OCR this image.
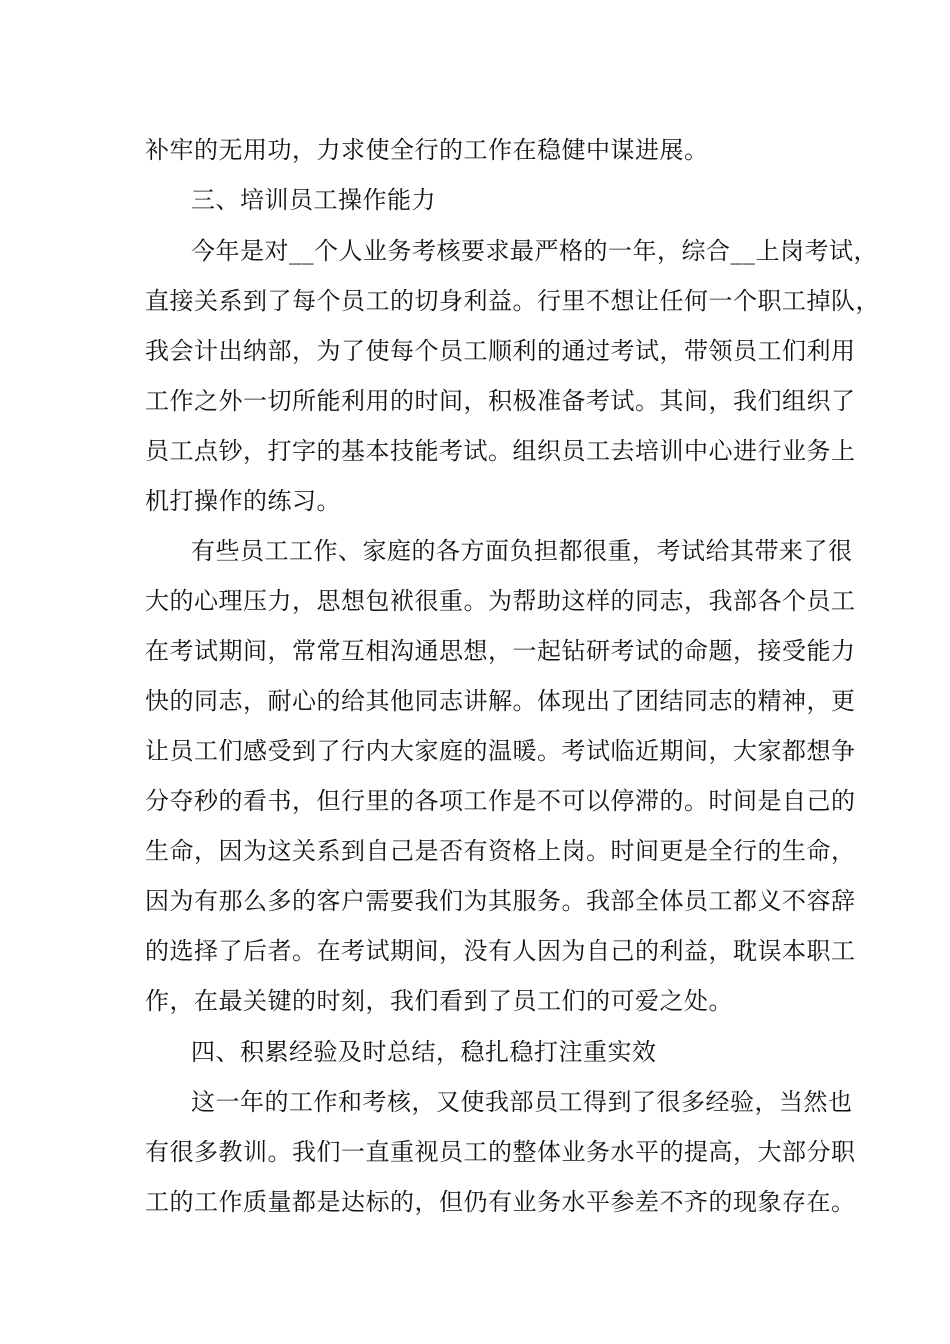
补牢的无用功，力求使全行的工作在稳健中谋进展。
三、培训员工操作能力
今年是对__个人业务考核要求最严格的一年，综合__上岗考试，
直接关系到了每个员工的切身利益。行里不想让任何一个职工掉队，
我会计出纳部，为了使每个员工顺利的通过考试，带领员工们利用
工作之外一切所能利用的时间，积极准备考试。其间，我们组织了
员工点钞，打字的基本技能考试。组织员工去培训中心进行业务上
机打操作的练习。
有些员工工作、家庭的各方面负担都很重，考试给其带来了很
大的心理压力，思想包袱很重。为帮助这样的同志，我部各个员工
在考试期间，常常互相沟通思想，一起钻研考试的命题，接受能力
快的同志，耐心的给其他同志讲解。体现出了团结同志的精神，更
让员工们感受到了行内大家庭的温暖。考试临近期间，大家都想争
分夺秒的看书，但行里的各项工作是不可以停滞的。时间是自己的
生命，因为这关系到自己是否有资格上岗。时间更是全行的生命，
因为有那么多的客户需要我们为其服务。我部全体员工都义不容辞
的选择了后者。在考试期间，没有人因为自己的利益，耽误本职工
作，在最关键的时刻，我们看到了员工们的可爱之处。
四、积累经验及时总结，稳扎稳打注重实效
这一年的工作和考核，又使我部员工得到了很多经验，当然也
有很多教训。我们一直重视员工的整体业务水平的提高，大部分职
工的工作质量都是达标的，但仍有业务水平参差不齐的现象存在。
